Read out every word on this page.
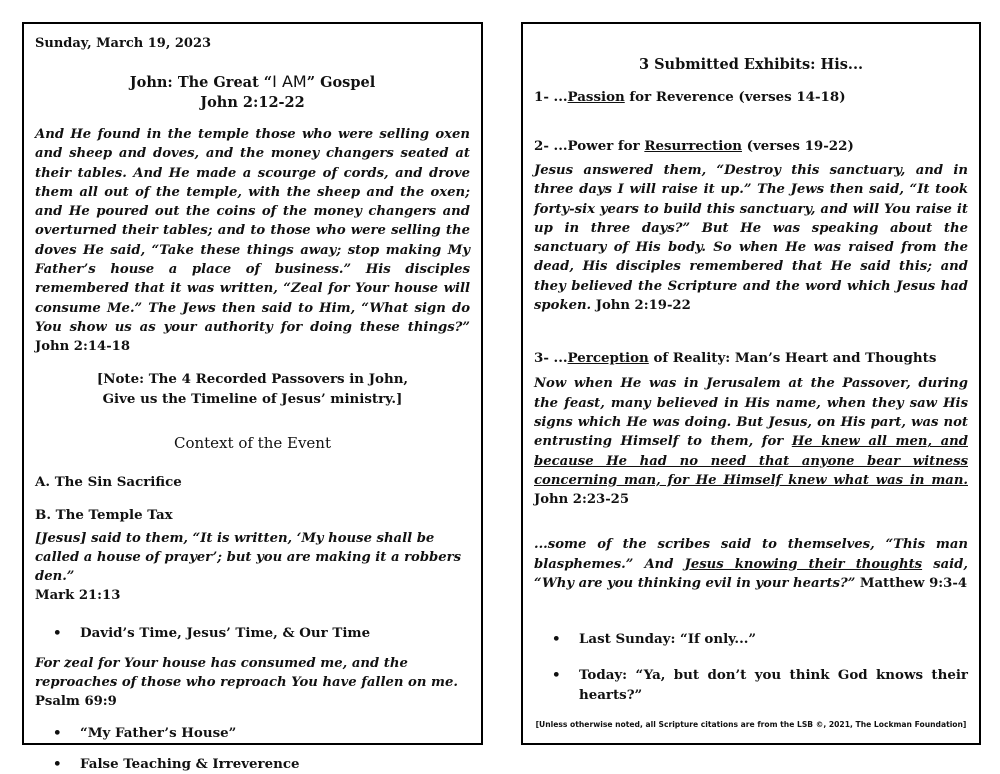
Sunday, March 19, 2023
John: The Great “I AM” Gospel
John 2:12-22

And He found in the temple those who were selling oxen and sheep and doves, and the money changers seated at their tables. And He made a scourge of cords, and drove them all out of the temple, with the sheep and the oxen; and He poured out the coins of the money changers and overturned their tables; and to those who were selling the doves He said, “Take these things away; stop making My Father’s house a place of business.” His disciples remembered that it was written, “Zeal for Your house will consume Me.” The Jews then said to Him, “What sign do You show us as your authority for doing these things?” John 2:14-18

[Note: The 4 Recorded Passovers in John,
Give us the Timeline of Jesus’ ministry.]
Context of the Event
A. The Sin Sacrifice
B. The Temple Tax

[Jesus] said to them, “It is written, ‘My house shall be called a house of prayer’; but you are making it a robbers den.”
Mark 21:13

• David’s Time, Jesus’ Time, & Our Time

For zeal for Your house has consumed me, and the reproaches of those who reproach You have fallen on me. Psalm 69:9

• “My Father’s House”
• False Teaching & Irreverence
3 Submitted Exhibits: His...
1- ...Passion for Reverence (verses 14-18)
2- ...Power for Resurrection (verses 19-22)

Jesus answered them, “Destroy this sanctuary, and in three days I will raise it up.” The Jews then said, “It took forty-six years to build this sanctuary, and will You raise it up in three days?” But He was speaking about the sanctuary of His body. So when He was raised from the dead, His disciples remembered that He said this; and they believed the Scripture and the word which Jesus had spoken. John 2:19-22

3- ...Perception of Reality: Man’s Heart and Thoughts

Now when He was in Jerusalem at the Passover, during the feast, many believed in His name, when they saw His signs which He was doing. But Jesus, on His part, was not entrusting Himself to them, for He knew all men, and because He had no need that anyone bear witness concerning man, for He Himself knew what was in man. John 2:23-25

...some of the scribes said to themselves, “This man blasphemes.” And Jesus knowing their thoughts said, “Why are you thinking evil in your hearts?” Matthew 9:3-4

• Last Sunday: “If only...”
• Today: “Ya, but don’t you think God knows their hearts?”
[Unless otherwise noted, all Scripture citations are from the LSB ©, 2021, The Lockman Foundation]
